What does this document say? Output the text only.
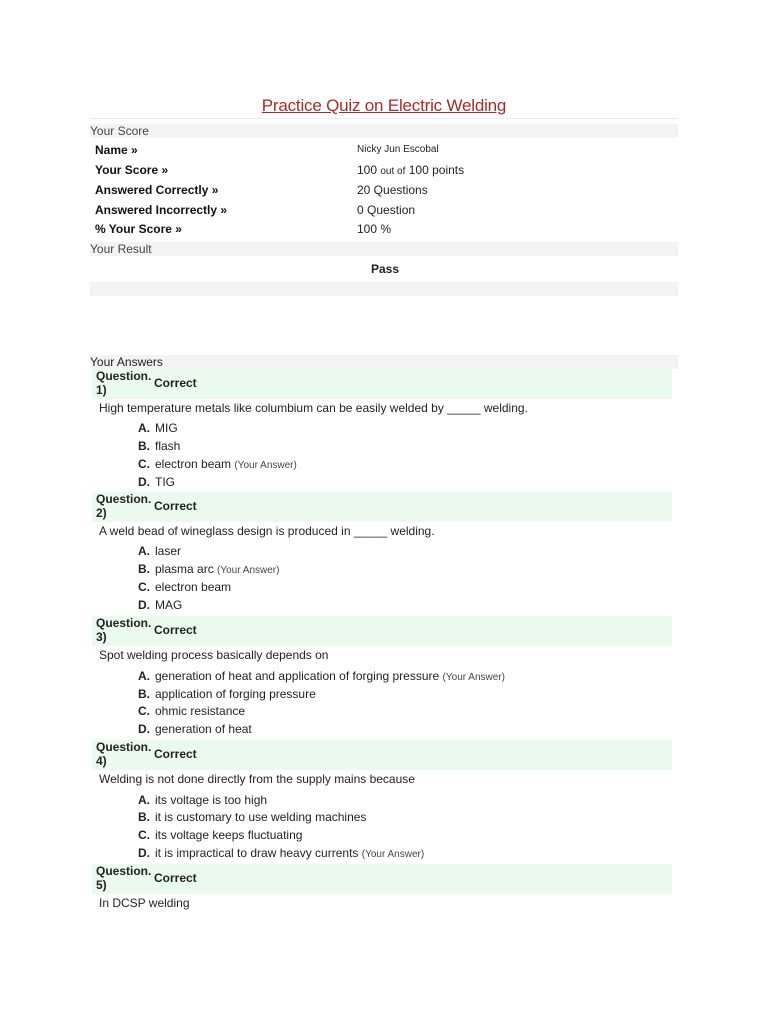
Practice Quiz on Electric Welding
Your Score
Name »	Nicky Jun Escobal
Your Score »	100 out of 100 points
Answered Correctly »	20 Questions
Answered Incorrectly »	0 Question
% Your Score »	100 %
Your Result
Pass
Your Answers
Question.
1)	Correct
High temperature metals like columbium can be easily welded by _____ welding.
A. MIG
B. flash
C. electron beam (Your Answer)
D. TIG
Question.
2)	Correct
A weld bead of wineglass design is produced in _____ welding.
A. laser
B. plasma arc (Your Answer)
C. electron beam
D. MAG
Question.
3)	Correct
Spot welding process basically depends on
A. generation of heat and application of forging pressure (Your Answer)
B. application of forging pressure
C. ohmic resistance
D. generation of heat
Question.
4)	Correct
Welding is not done directly from the supply mains because
A. its voltage is too high
B. it is customary to use welding machines
C. its voltage keeps fluctuating
D. it is impractical to draw heavy currents (Your Answer)
Question.
5)	Correct
In DCSP welding
